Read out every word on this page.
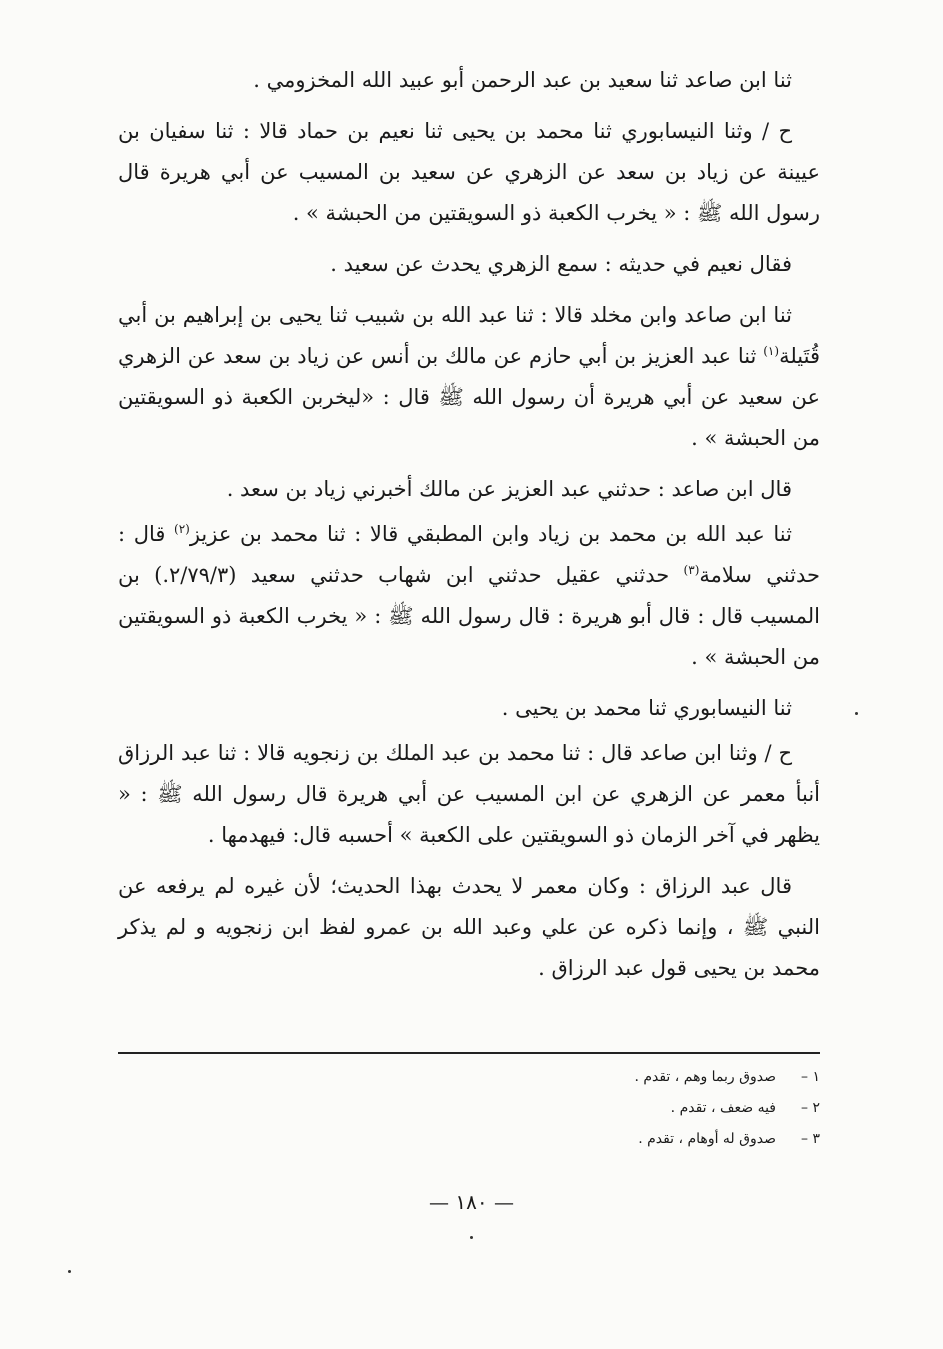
ثنا ابن صاعد ثنا سعيد بن عبد الرحمن أبو عبيد الله المخزومي .

ح / وثنا النيسابوري ثنا محمد بن يحيى ثنا نعيم بن حماد قالا : ثنا سفيان بن عيينة عن زياد بن سعد عن الزهري عن سعيد بن المسيب عن أبي هريرة قال رسول الله ﷺ : « يخرب الكعبة ذو السويقتين من الحبشة » .

فقال نعيم في حديثه : سمع الزهري يحدث عن سعيد .

ثنا ابن صاعد وابن مخلد قالا : ثنا عبد الله بن شبيب ثنا يحيى بن إبراهيم بن أبي قُتَيلة$^{(١)}$ ثنا عبد العزيز بن أبي حازم عن مالك بن أنس عن زياد بن سعد عن الزهري عن سعيد عن أبي هريرة أن رسول الله ﷺ قال : «ليخربن الكعبة ذو السويقتين من الحبشة » .

قال ابن صاعد : حدثني عبد العزيز عن مالك أخبرني زياد بن سعد .

ثنا عبد الله بن محمد بن زياد وابن المطبقي قالا : ثنا محمد بن عزيز$^{(٢)}$ قال : حدثني سلامة$^{(٣)}$ حدثني عقيل حدثني ابن شهاب حدثني سعيد (٢/٧٩/٣.) بن المسيب قال : قال أبو هريرة : قال رسول الله ﷺ : « يخرب الكعبة ذو السويقتين من الحبشة » .

ثنا النيسابوري ثنا محمد بن يحيى .

ح / وثنا ابن صاعد قال : ثنا محمد بن عبد الملك بن زنجويه قالا : ثنا عبد الرزاق أنبأ معمر عن الزهري عن ابن المسيب عن أبي هريرة قال رسول الله ﷺ : « يظهر في آخر الزمان ذو السويقتين على الكعبة » أحسبه قال: فيهدمها .

قال عبد الرزاق : وكان معمر لا يحدث بهذا الحديث؛ لأن غيره لم يرفعه عن النبي ﷺ ، وإنما ذكره عن علي وعبد الله بن عمرو لفظ ابن زنجويه و لم يذكر محمد بن يحيى قول عبد الرزاق .

١ –
صدوق ربما وهم ، تقدم .
٢ –
فيه ضعف ، تقدم .
٣ –
صدوق له أوهام ، تقدم .
— ١٨٠ —
